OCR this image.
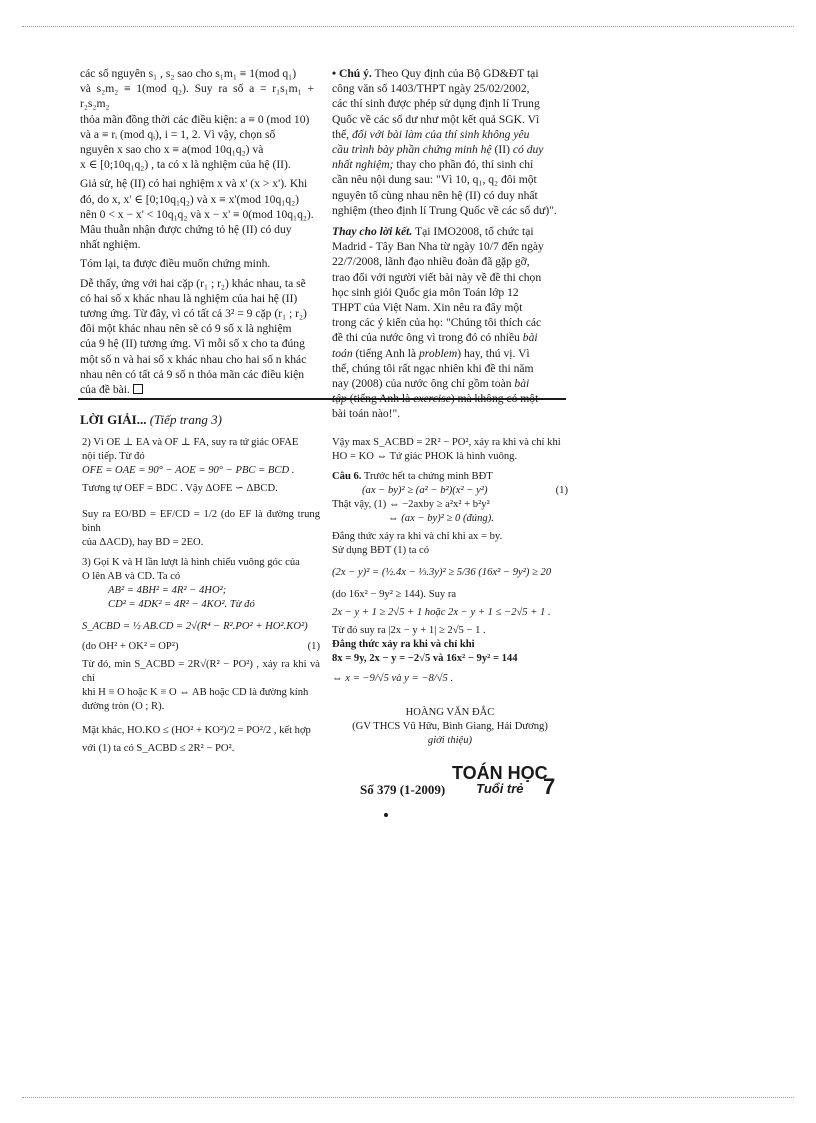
các số nguyên s₁ , s₂ sao cho s₁m₁ ≡ 1(mod q₁)
và s₂m₂ ≡ 1(mod q₂). Suy ra số a = r₁s₁m₁ + r₂s₂m₂
thỏa mãn đồng thời các điều kiện: a ≡ 0 (mod 10)
và a ≡ rᵢ (mod qᵢ), i = 1, 2. Vì vậy, chọn số
nguyên x sao cho x ≡ a(mod 10q₁q₂) và
x ∈ [0;10q₁q₂) , ta có x là nghiệm của hệ (II).

Giả sử, hệ (II) có hai nghiệm x và x' (x > x'). Khi
đó, do x, x' ∈ [0;10q₁q₂) và x ≡ x'(mod 10q₁q₂)
nên 0 < x − x' < 10q₁q₂ và x − x' ≡ 0(mod 10q₁q₂).
Mâu thuẫn nhận được chứng tỏ hệ (II) có duy
nhất nghiệm.

Tóm lại, ta được điều muốn chứng minh.

Dễ thấy, ứng với hai cặp (r₁ ; r₂) khác nhau, ta sẽ
có hai số x khác nhau là nghiệm của hai hệ (II)
tương ứng. Từ đây, vì có tất cả 3² = 9 cặp (r₁ ; r₂)
đôi một khác nhau nên sẽ có 9 số x là nghiệm
của 9 hệ (II) tương ứng. Vì mỗi số x cho ta đúng
một số n và hai số x khác nhau cho hai số n khác
nhau nên có tất cả 9 số n thỏa mãn các điều kiện
của đề bài.

• Chú ý. Theo Quy định của Bộ GD&ĐT tại
công văn số 1403/THPT ngày 25/02/2002,
các thí sinh được phép sử dụng định lí Trung
Quốc về các số dư như một kết quả SGK. Vì
thế, đối với bài làm của thí sinh không yêu
cầu trình bày phần chứng minh hệ (II) có duy
nhất nghiệm; thay cho phần đó, thí sinh chỉ
cần nêu nội dung sau: "Vì 10, q₁, q₂ đôi một
nguyên tố cùng nhau nên hệ (II) có duy nhất
nghiệm (theo định lí Trung Quốc về các số dư)".

Thay cho lời kết. Tại IMO2008, tổ chức tại
Madrid - Tây Ban Nha từ ngày 10/7 đến ngày
22/7/2008, lãnh đạo nhiều đoàn đã gặp gỡ,
trao đổi với người viết bài này về đề thi chọn
học sinh giỏi Quốc gia môn Toán lớp 12
THPT của Việt Nam. Xin nêu ra đây một
trong các ý kiến của họ: "Chúng tôi thích các
đề thi của nước ông vì trong đó có nhiều bài
toán (tiếng Anh là problem) hay, thú vị. Vì
thế, chúng tôi rất ngạc nhiên khi đề thi năm
nay (2008) của nước ông chỉ gồm toàn bài
bài toán nào!".

LỜI GIẢI... (Tiếp trang 3)
2) Vì OE ⊥ EA và OF ⊥ FA, suy ra tứ giác OFAE
nội tiếp. Từ đó
OFE = OAE = 90° − AOE = 90° − PBC = BCD .
Tương tự OEF = BDC . Vậy ΔOFE ∽ ΔBCD.
Suy ra EO/BD = EF/CD = 1/2 (do EF là đường trung bình
của ΔACD), hay BD = 2EO.
3) Gọi K và H lần lượt là hình chiếu vuông góc của
O lên AB và CD. Ta có
AB² = 4BH² = 4R² − 4HO²;
CD² = 4DK² = 4R² − 4KO². Từ đó
S_ACBD = ½ AB.CD = 2√(R⁴ − R².PO² + HO².KO²)
(do OH² + OK² = OP²)	(1)
Từ đó, min S_ACBD = 2R√(R² − PO²) , xảy ra khi và chỉ
khi H ≡ O hoặc K ≡ O ⇔ AB hoặc CD là đường kính
đường tròn (O ; R).
Mặt khác, HO.KO ≤ (HO² + KO²)/2 = PO²/2 , kết hợp
với (1) ta có S_ACBD ≤ 2R² − PO².
Vậy max S_ACBD = 2R² − PO², xảy ra khi và chỉ khi
HO = KO ⇔ Tứ giác PHOK là hình vuông.
Câu 6. Trước hết ta chứng minh BĐT
(ax − by)² ≥ (a² − b²)(x² − y²)	(1)
Thật vậy, (1) ⇔ −2axby ≥ a²x² + b²y²
⇔ (ax − by)² ≥ 0 (đúng).
Đẳng thức xảy ra khi và chỉ khi ax = by.
Sử dụng BĐT (1) ta có
(2x − y)² = (½.4x − ⅓.3y)² ≥ 5/36 (16x² − 9y²) ≥ 20
(do 16x² − 9y² ≥ 144). Suy ra
2x − y + 1 ≥ 2√5 + 1 hoặc 2x − y + 1 ≤ −2√5 + 1 .
Từ đó suy ra |2x − y + 1| ≥ 2√5 − 1 .
Đẳng thức xảy ra khi và chỉ khi
8x = 9y, 2x − y = −2√5 và 16x² − 9y² = 144
⇔ x = −9/√5 và y = −8/√5 .
HOÀNG VĂN ĐẮC
(GV THCS Vũ Hữu, Bình Giang, Hải Dương)
giới thiệu)
Số 379 (1-2009)
TOÁN HỌC
Tuổi trẻ 7
